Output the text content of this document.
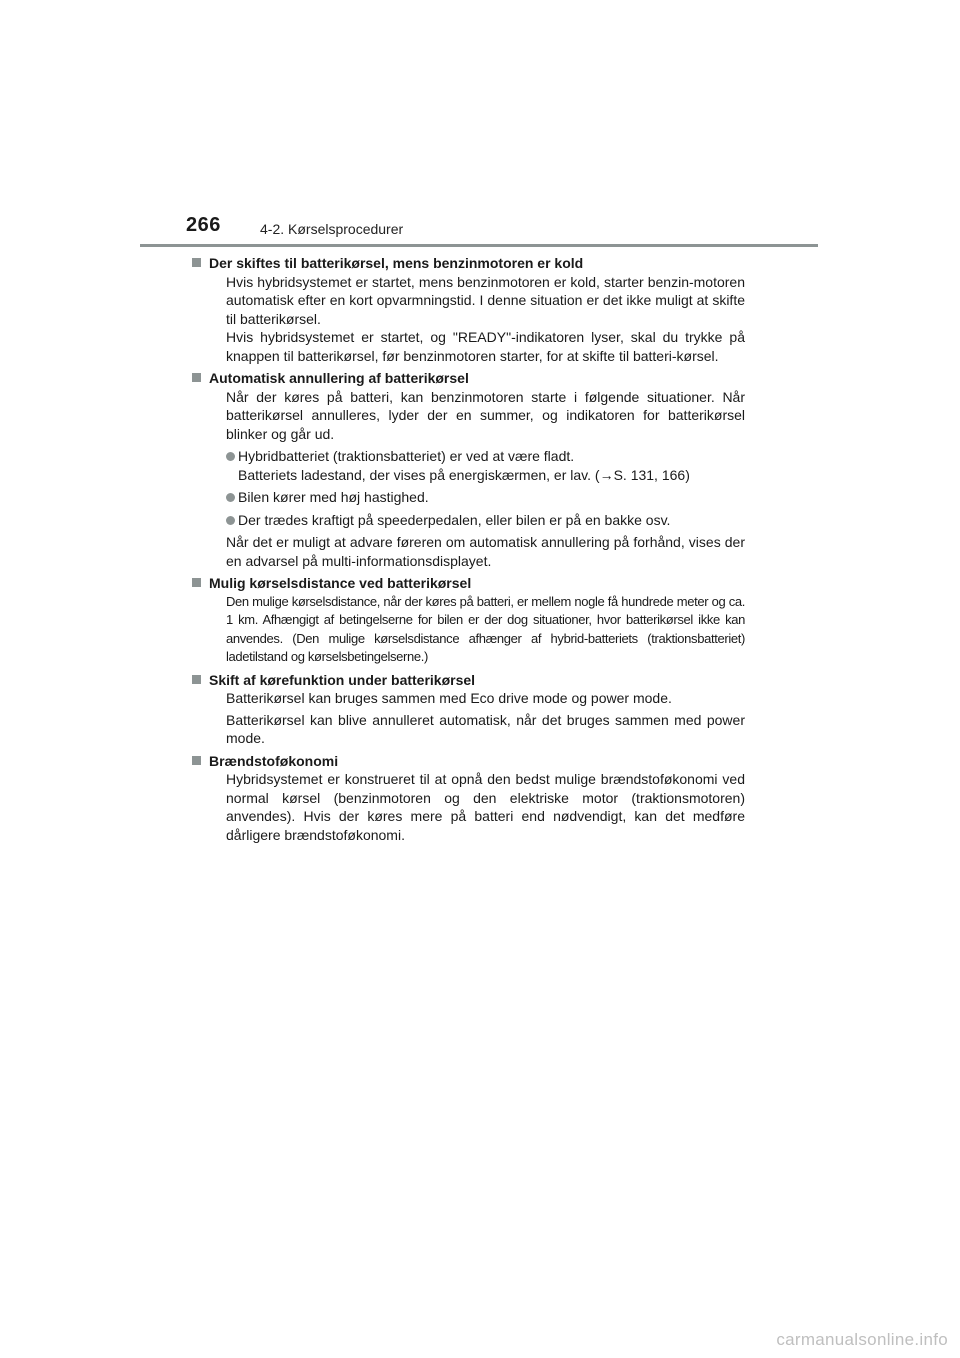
266	4-2. Kørselsprocedurer

Der skiftes til batterikørsel, mens benzinmotoren er kold

Hvis hybridsystemet er startet, mens benzinmotoren er kold, starter benzin-motoren automatisk efter en kort opvarmningstid. I denne situation er det ikke muligt at skifte til batterikørsel.

Hvis hybridsystemet er startet, og "READY"-indikatoren lyser, skal du trykke på knappen til batterikørsel, før benzinmotoren starter, for at skifte til batteri-kørsel.

Automatisk annullering af batterikørsel

Når der køres på batteri, kan benzinmotoren starte i følgende situationer. Når batterikørsel annulleres, lyder der en summer, og indikatoren for batterikørsel blinker og går ud.

Hybridbatteriet (traktionsbatteriet) er ved at være fladt.
Batteriets ladestand, der vises på energiskærmen, er lav. (→S. 131, 166)
Bilen kører med høj hastighed.
Der trædes kraftigt på speederpedalen, eller bilen er på en bakke osv.

Når det er muligt at advare føreren om automatisk annullering på forhånd, vises der en advarsel på multi-informationsdisplayet.

Mulig kørselsdistance ved batterikørsel

Den mulige kørselsdistance, når der køres på batteri, er mellem nogle få hundrede meter og ca. 1 km. Afhængigt af betingelserne for bilen er der dog situationer, hvor batterikørsel ikke kan anvendes. (Den mulige kørselsdistance afhænger af hybrid-batteriets (traktionsbatteriet) ladetilstand og kørselsbetingelserne.)

Skift af kørefunktion under batterikørsel

Batterikørsel kan bruges sammen med Eco drive mode og power mode.

Batterikørsel kan blive annulleret automatisk, når det bruges sammen med power mode.

Brændstoføkonomi

Hybridsystemet er konstrueret til at opnå den bedst mulige brændstoføkonomi ved normal kørsel (benzinmotoren og den elektriske motor (traktionsmotoren) anvendes). Hvis der køres mere på batteri end nødvendigt, kan det medføre dårligere brændstoføkonomi.

carmanualsonline.info
